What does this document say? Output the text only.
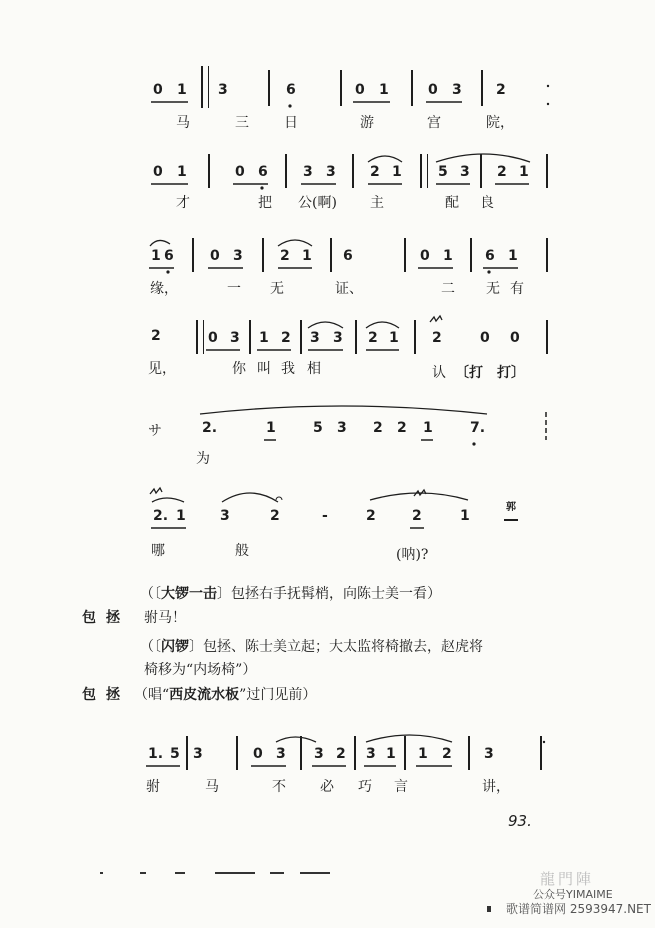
0 1 3	6	0 1	0 3 2
马	三	日	游	宫	院，
0 1	0 6	3 3 2 1	5 3 2 1
才	把 公(啊) 主	配 良
1 6	0 3	2 1 6	0 1 6 1
缘，	一 无	证、	二 无 有
2	0 3 1 2 3 3 2 1 2	0 0
见，	你 叫 我 相	认 〔打　打〕
サ	2.	1	5 3 2 2 1	7.
为
2. 1 3	2	-	2	2	1
郭
哪	般	(呐)?
（〔大锣一击〕包拯右手抚髯梢，向陈士美一看）
包拯 驸马！
（〔闪锣〕包拯、陈士美立起；大太监将椅撤去，赵虎将
椅移为“内场椅”）
包拯 （唱“西皮流水板”过门见前）
1. 5 3	0 3 3 2 3 1 1 2 3
驸	马	不 必 巧 言	讲，
93.
龍門陣
公众号YIMAIME
歌谱简谱网 2593947.NET
